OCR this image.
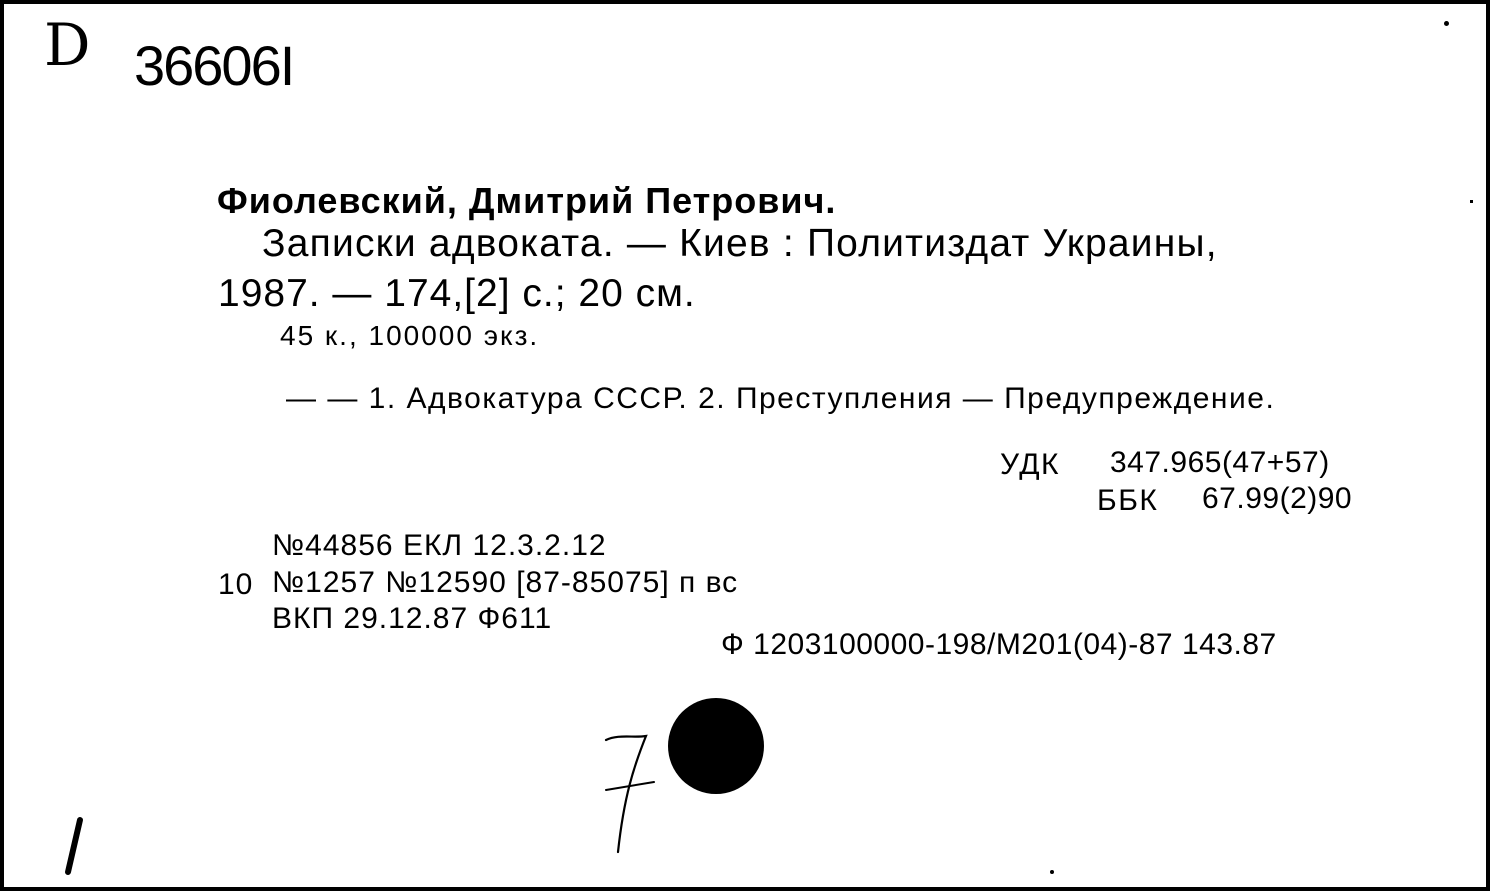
D 36606I
Фиолевский, Дмитрий Петрович.
Записки адвоката. — Киев : Политиздат Украины,
1987. — 174,[2] с.; 20 см.
45 к., 100000 экз.
— — 1. Адвокатура СССР. 2. Преступления — Предупреждение.
УДК 347.965(47+57)
ББК 67.99(2)90
№44856 ЕКЛ 12.3.2.12
10 №1257 №12590 [87-85075] п вс
ВКП 29.12.87 Ф611
Ф 1203100000-198/М201(04)-87 143.87
